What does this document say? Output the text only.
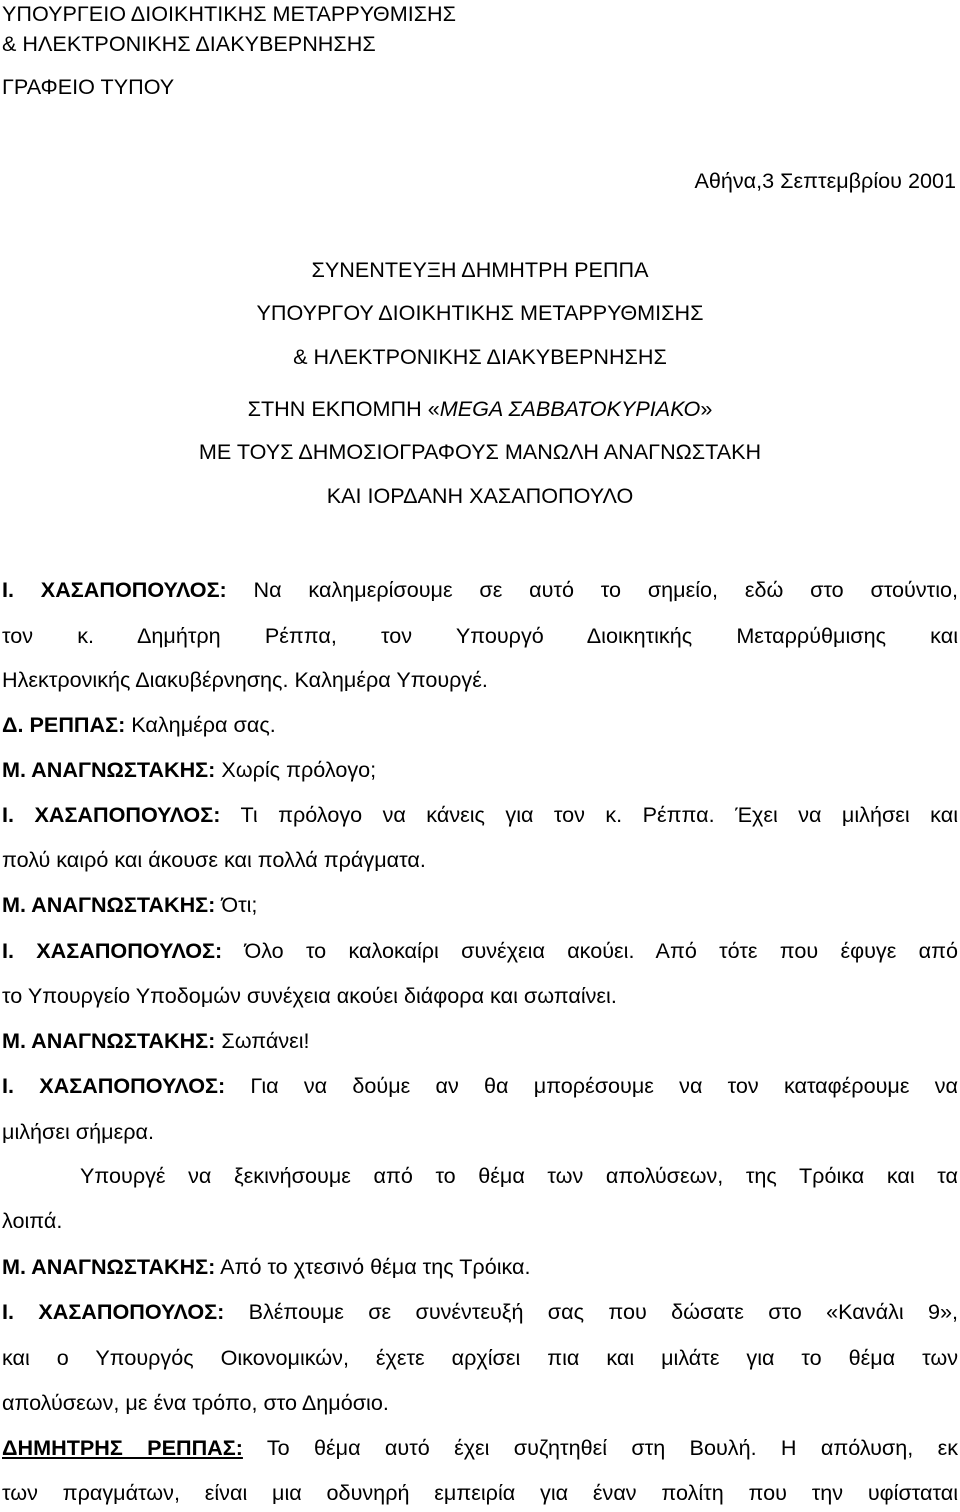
ΥΠΟΥΡΓΕΙΟ ΔΙΟΙΚΗΤΙΚΗΣ ΜΕΤΑΡΡΥΘΜΙΣΗΣ
& ΗΛΕΚΤΡΟΝΙΚΗΣ ΔΙΑΚΥΒΕΡΝΗΣΗΣ
ΓΡΑΦΕΙΟ ΤΥΠΟΥ
Αθήνα,3 Σεπτεμβρίου 2001
ΣΥΝΕΝΤΕΥΞΗ ΔΗΜΗΤΡΗ ΡΕΠΠΑ
ΥΠΟΥΡΓΟΥ ΔΙΟΙΚΗΤΙΚΗΣ ΜΕΤΑΡΡΥΘΜΙΣΗΣ
& ΗΛΕΚΤΡΟΝΙΚΗΣ ΔΙΑΚΥΒΕΡΝΗΣΗΣ
ΣΤΗΝ ΕΚΠΟΜΠΗ «MEGA ΣΑΒΒΑΤΟΚΥΡΙΑΚΟ»
ΜΕ ΤΟΥΣ ΔΗΜΟΣΙΟΓΡΑΦΟΥΣ ΜΑΝΩΛΗ ΑΝΑΓΝΩΣΤΑΚΗ
ΚΑΙ ΙΟΡΔΑΝΗ ΧΑΣΑΠΟΠΟΥΛΟ
Ι. ΧΑΣΑΠΟΠΟΥΛΟΣ: Να καλημερίσουμε σε αυτό το σημείο, εδώ στο στούντιο,
τον κ. Δημήτρη Ρέππα, τον Υπουργό Διοικητικής Μεταρρύθμισης και
Ηλεκτρονικής Διακυβέρνησης. Καλημέρα Υπουργέ.
Δ. ΡΕΠΠΑΣ: Καλημέρα σας.
Μ. ΑΝΑΓΝΩΣΤΑΚΗΣ: Χωρίς πρόλογο;
Ι. ΧΑΣΑΠΟΠΟΥΛΟΣ: Τι πρόλογο να κάνεις για τον κ. Ρέππα. Έχει να μιλήσει και
πολύ καιρό και άκουσε και πολλά πράγματα.
Μ. ΑΝΑΓΝΩΣΤΑΚΗΣ: Ότι;
Ι. ΧΑΣΑΠΟΠΟΥΛΟΣ: Όλο το καλοκαίρι συνέχεια ακούει. Από τότε που έφυγε από
το Υπουργείο Υποδομών συνέχεια ακούει διάφορα και σωπαίνει.
Μ. ΑΝΑΓΝΩΣΤΑΚΗΣ: Σωπάνει!
Ι. ΧΑΣΑΠΟΠΟΥΛΟΣ: Για να δούμε αν θα μπορέσουμε να τον καταφέρουμε να
μιλήσει σήμερα.
Υπουργέ να ξεκινήσουμε από το θέμα των απολύσεων, της Τρόικα και τα
λοιπά.
Μ. ΑΝΑΓΝΩΣΤΑΚΗΣ: Από το χτεσινό θέμα της Τρόικα.
Ι. ΧΑΣΑΠΟΠΟΥΛΟΣ: Βλέπουμε σε συνέντευξή σας που δώσατε στο «Κανάλι 9»,
και ο Υπουργός Οικονομικών, έχετε αρχίσει πια και μιλάτε για το θέμα των
απολύσεων, με ένα τρόπο, στο Δημόσιο.
ΔΗΜΗΤΡΗΣ ΡΕΠΠΑΣ: Το θέμα αυτό έχει συζητηθεί στη Βουλή. Η απόλυση, εκ
των πραγμάτων, είναι μια οδυνηρή εμπειρία για έναν πολίτη που την υφίσταται
